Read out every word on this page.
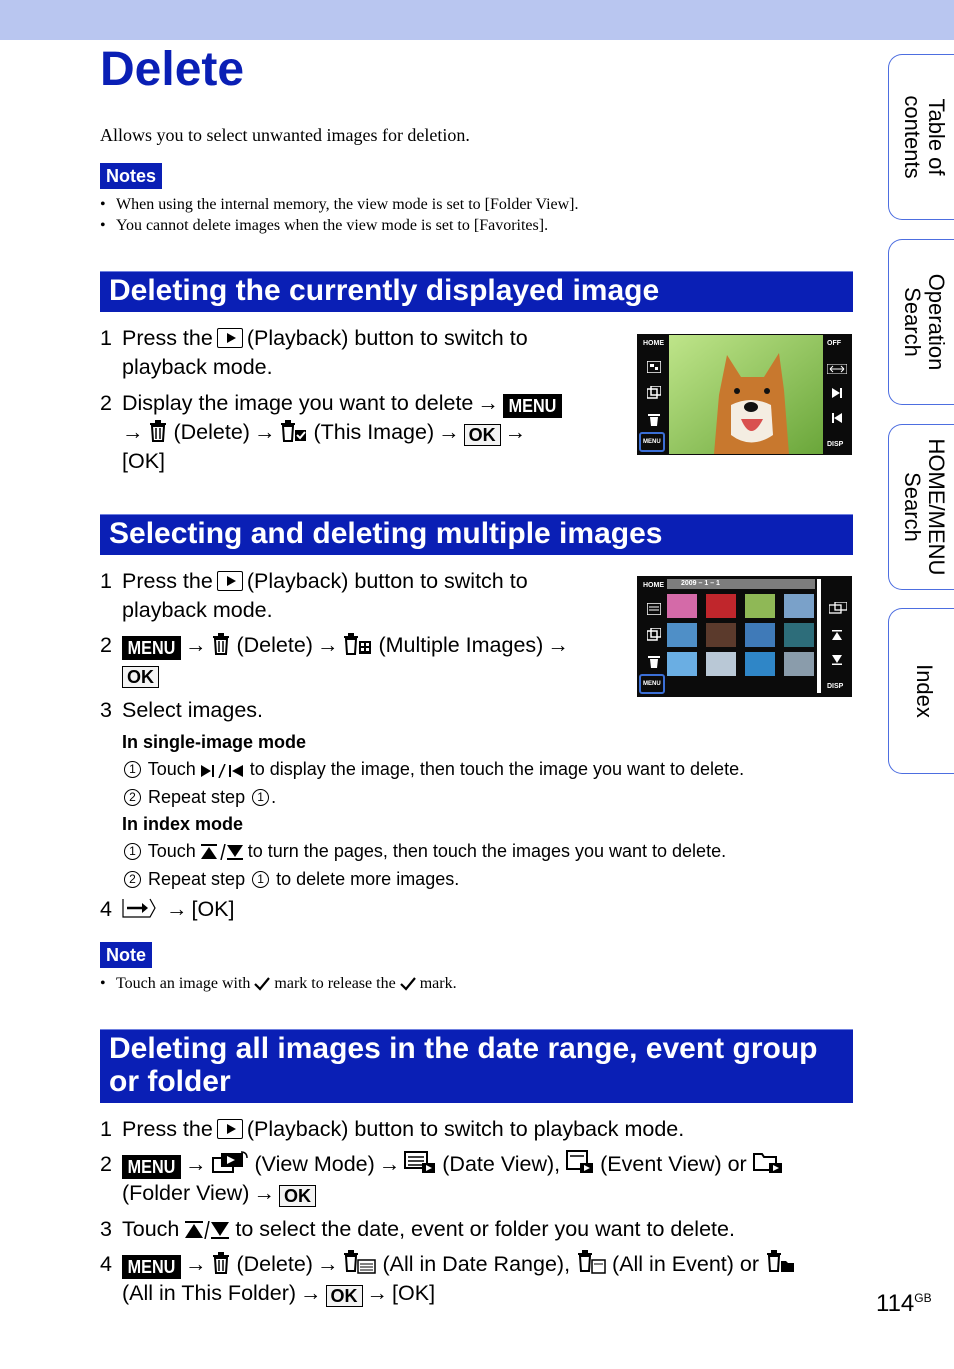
Delete
Allows you to select unwanted images for deletion.
Notes
• When using the internal memory, the view mode is set to [Folder View].
• You cannot delete images when the view mode is set to [Favorites].
Deleting the currently displayed image
1 Press the (Playback) button to switch to
playback mode.
2 Display the image you want to delete → MENU
→ (Delete) → (This Image) → OK →
[OK]
HOME
MENU
OFF
DISP
Selecting and deleting multiple images
1 Press the (Playback) button to switch to
playback mode.
2 MENU → (Delete) → (Multiple Images) →
OK
3 Select images.
In single-image mode
1 Touch	to display the image, then touch the image you want to delete.
2 Repeat step 1 .
In index mode
1 Touch	to turn the pages, then touch the images you want to delete.
2 Repeat step 1 to delete more images.
4	→ [OK]
HOME 2009 – 1 – 1
MENU	DISP
Note
• Touch an image with mark to release the mark.
Deleting all images in the date range, event group or folder
1 Press the (Playback) button to switch to playback mode.
2 MENU → (View Mode) → (Date View), (Event View) or
(Folder View) → OK
3 Touch	to select the date, event or folder you want to delete.
4 MENU → (Delete) → (All in Date Range), (All in Event) or
(All in This Folder) → OK → [OK]
Table of
contents
Operation
Search
HOME/MENU
Search
Index
$114^{GB}$
